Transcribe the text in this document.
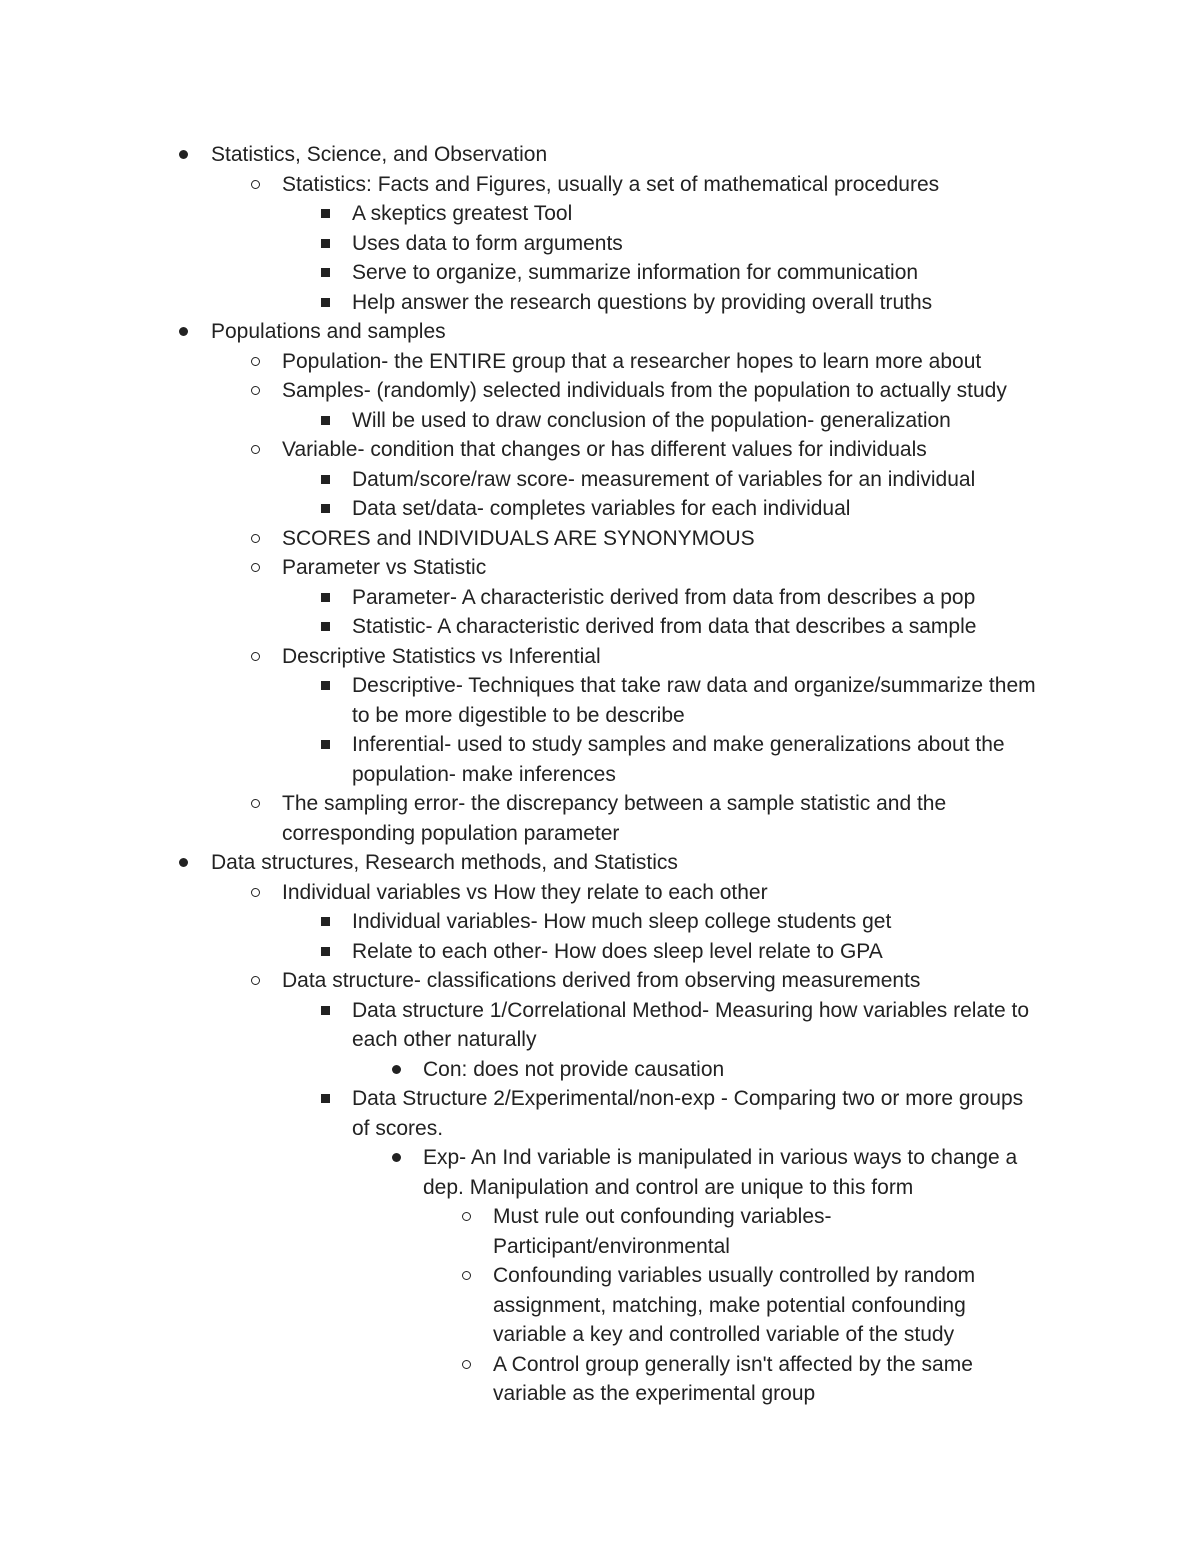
Statistics, Science, and Observation
Statistics: Facts and Figures, usually a set of mathematical procedures
A skeptics greatest Tool
Uses data to form arguments
Serve to organize, summarize information for communication
Help answer the research questions by providing overall truths
Populations and samples
Population- the ENTIRE group that a researcher hopes to learn more about
Samples- (randomly) selected individuals from the population to actually study
Will be used to draw conclusion of the population- generalization
Variable- condition that changes or has different values for individuals
Datum/score/raw score- measurement of variables for an individual
Data set/data- completes variables for each individual
SCORES and INDIVIDUALS ARE SYNONYMOUS
Parameter vs Statistic
Parameter- A characteristic derived from data from describes a pop
Statistic- A characteristic derived from data that describes a sample
Descriptive Statistics vs Inferential
Descriptive- Techniques that take raw data and organize/summarize them
to be more digestible to be describe
Inferential- used to study samples and make generalizations about the
population- make inferences
The sampling error- the discrepancy between a sample statistic and the
corresponding population parameter
Data structures, Research methods, and Statistics
Individual variables vs How they relate to each other
Individual variables- How much sleep college students get
Relate to each other- How does sleep level relate to GPA
Data structure- classifications derived from observing measurements
Data structure 1/Correlational Method- Measuring how variables relate to
each other naturally
Con: does not provide causation
Data Structure 2/Experimental/non-exp - Comparing two or more groups
of scores.
Exp- An Ind variable is manipulated in various ways to change a
dep. Manipulation and control are unique to this form
Must rule out confounding variables-
Participant/environmental
Confounding variables usually controlled by random
assignment, matching, make potential confounding
variable a key and controlled variable of the study
A Control group generally isn't affected by the same
variable as the experimental group
